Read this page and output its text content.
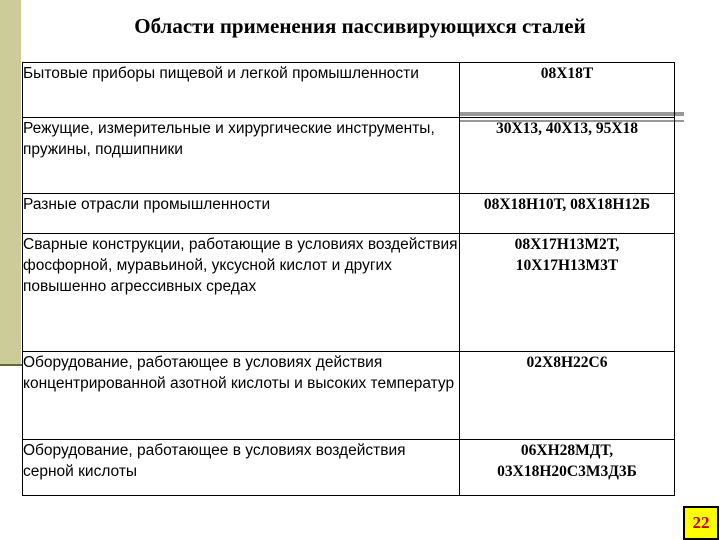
Области применения пассивирующихся сталей
Бытовые приборы пищевой и легкой промышленности	08Х18Т

Режущие, измерительные и хирургические инструменты, пружины, подшипники	30Х13, 40Х13, 95Х18

Разные отрасли промышленности	08Х18Н10Т, 08Х18Н12Б

Сварные конструкции, работающие в условиях воздействия фосфорной, муравьиной, уксусной кислот и других повышенно агрессивных средах	08Х17Н13М2Т,
10Х17Н13М3Т

Оборудование, работающее в условиях действия концентрированной азотной кислоты и высоких температур	02Х8Н22С6

Оборудование, работающее в условиях воздействия серной кислоты	06ХН28МДТ,
03Х18Н20С3М3Д3Б
22
